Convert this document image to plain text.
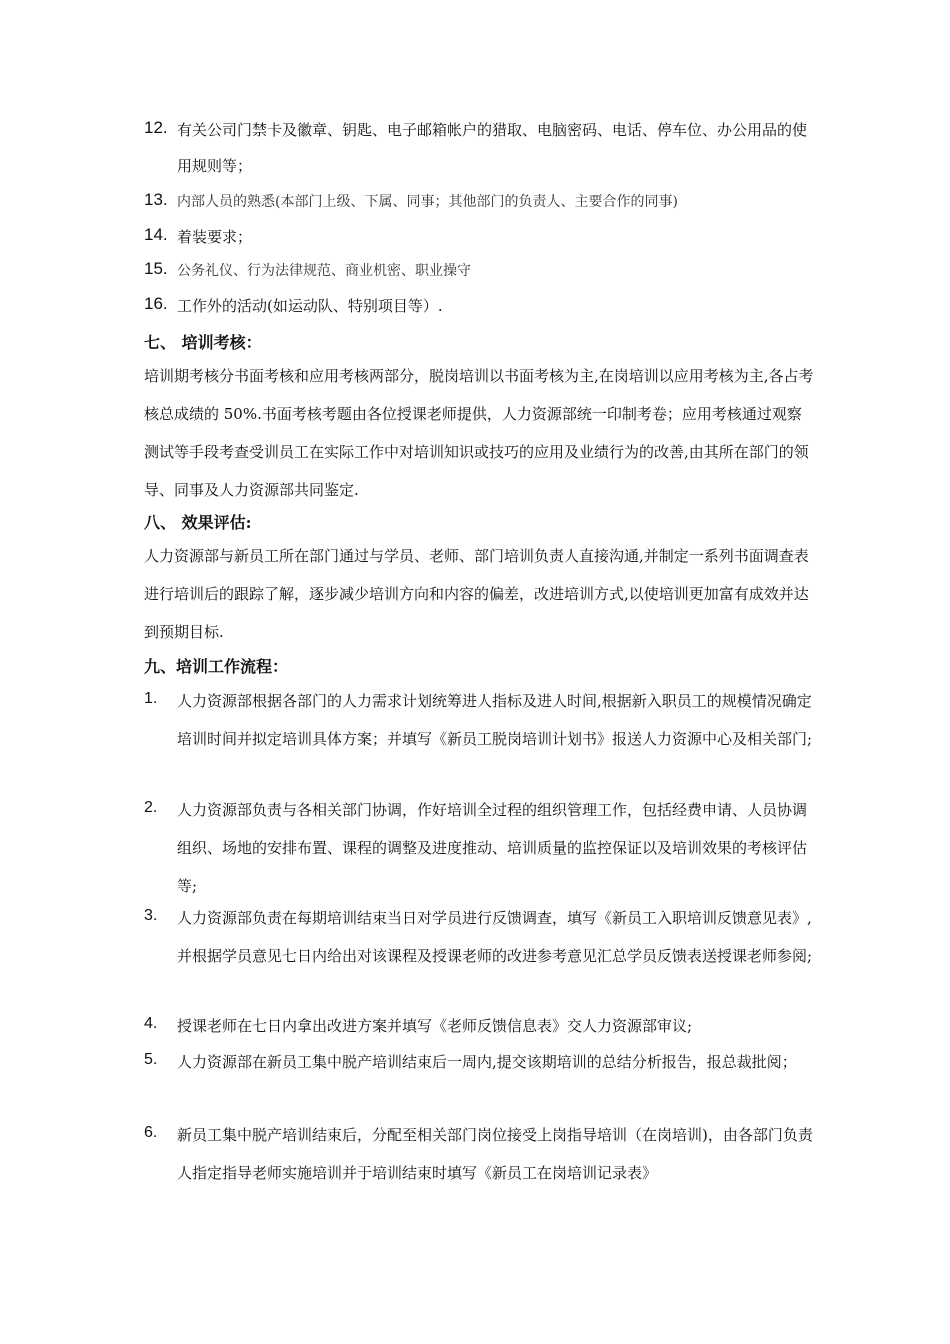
12. 有关公司门禁卡及徽章、钥匙、电子邮箱帐户的猎取、电脑密码、电话、停车位、办公用品的使用规则等；
13. 内部人员的熟悉(本部门上级、下属、同事；其他部门的负责人、主要合作的同事)
14. 着装要求；
15. 公务礼仪、行为法律规范、商业机密、职业操守
16. 工作外的活动(如运动队、特别项目等）.
七、 培训考核：
培训期考核分书面考核和应用考核两部分，脱岗培训以书面考核为主,在岗培训以应用考核为主,各占考核总成绩的 50%.书面考核考题由各位授课老师提供，人力资源部统一印制考卷；应用考核通过观察测试等手段考查受训员工在实际工作中对培训知识或技巧的应用及业绩行为的改善,由其所在部门的领导、同事及人力资源部共同鉴定.
八、 效果评估:
人力资源部与新员工所在部门通过与学员、老师、部门培训负责人直接沟通,并制定一系列书面调查表进行培训后的跟踪了解，逐步减少培训方向和内容的偏差，改进培训方式,以使培训更加富有成效并达到预期目标.
九、培训工作流程：
1.	人力资源部根据各部门的人力需求计划统筹进人指标及进人时间,根据新入职员工的规模情况确定培训时间并拟定培训具体方案；并填写《新员工脱岗培训计划书》报送人力资源中心及相关部门;
2.	人力资源部负责与各相关部门协调，作好培训全过程的组织管理工作，包括经费申请、人员协调组织、场地的安排布置、课程的调整及进度推动、培训质量的监控保证以及培训效果的考核评估等;
3.	人力资源部负责在每期培训结束当日对学员进行反馈调查，填写《新员工入职培训反馈意见表》,并根据学员意见七日内给出对该课程及授课老师的改进参考意见汇总学员反馈表送授课老师参阅;
4.	授课老师在七日内拿出改进方案并填写《老师反馈信息表》交人力资源部审议;
5.	人力资源部在新员工集中脱产培训结束后一周内,提交该期培训的总结分析报告，报总裁批阅；
6.	新员工集中脱产培训结束后，分配至相关部门岗位接受上岗指导培训（在岗培训)，由各部门负责人指定指导老师实施培训并于培训结束时填写《新员工在岗培训记录表》
